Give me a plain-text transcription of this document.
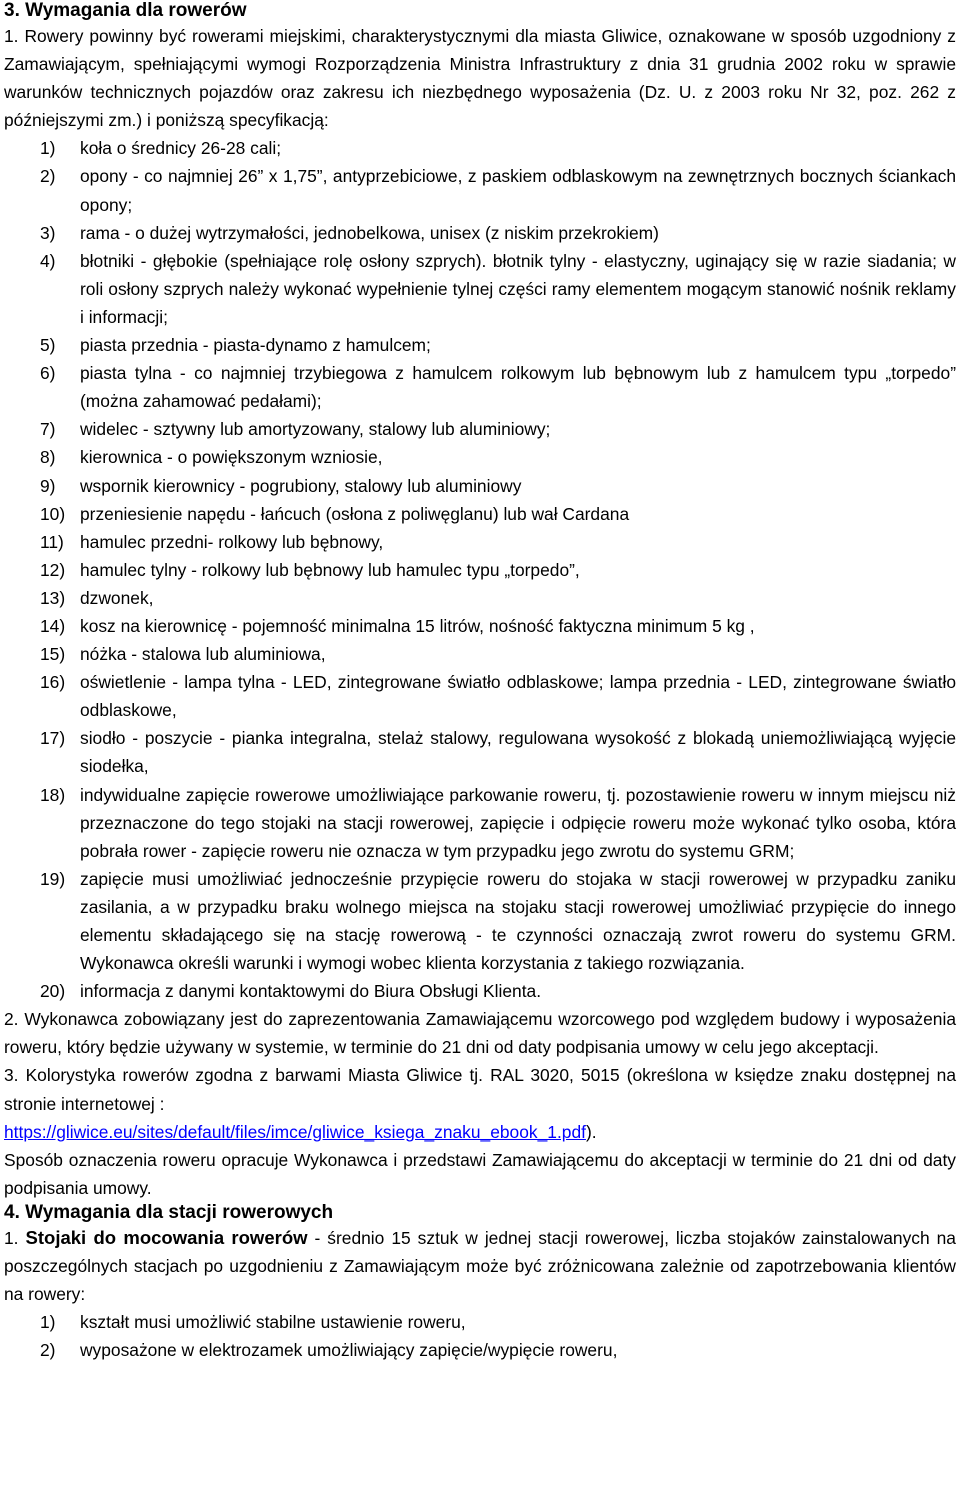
3. Wymagania dla rowerów

1. Rowery powinny być rowerami miejskimi, charakterystycznymi dla miasta Gliwice, oznakowane w sposób uzgodniony z Zamawiającym, spełniającymi wymogi Rozporządzenia Ministra Infrastruktury z dnia 31 grudnia 2002 roku w sprawie warunków technicznych pojazdów oraz zakresu ich niezbędnego wyposażenia (Dz. U. z 2003 roku Nr 32, poz. 262 z późniejszymi zm.) i poniższą specyfikacją:

1) koła o średnicy 26-28 cali;
2) opony - co najmniej 26” x 1,75”, antyprzebiciowe, z paskiem odblaskowym na zewnętrznych bocznych ściankach opony;
3) rama - o dużej wytrzymałości, jednobelkowa, unisex (z niskim przekrokiem)
4) błotniki - głębokie (spełniające rolę osłony szprych). błotnik tylny - elastyczny, uginający się w razie siadania; w roli osłony szprych należy wykonać wypełnienie tylnej części ramy elementem mogącym stanowić nośnik reklamy i informacji;
5) piasta przednia - piasta-dynamo z hamulcem;
6) piasta tylna - co najmniej trzybiegowa z hamulcem rolkowym lub bębnowym lub z hamulcem typu „torpedo” (można zahamować pedałami);
7) widelec - sztywny lub amortyzowany, stalowy lub aluminiowy;
8) kierownica - o powiększonym wzniosie,
9) wspornik kierownicy - pogrubiony, stalowy lub aluminiowy
10) przeniesienie napędu - łańcuch (osłona z poliwęglanu) lub wał Cardana
11) hamulec przedni- rolkowy lub bębnowy,
12) hamulec tylny - rolkowy lub bębnowy lub hamulec typu „torpedo”,
13) dzwonek,
14) kosz na kierownicę - pojemność minimalna 15 litrów, nośność faktyczna minimum 5 kg ,
15) nóżka - stalowa lub aluminiowa,
16) oświetlenie - lampa tylna - LED, zintegrowane światło odblaskowe; lampa przednia - LED, zintegrowane światło odblaskowe,
17) siodło - poszycie - pianka integralna, stelaż stalowy, regulowana wysokość z blokadą uniemożliwiającą wyjęcie siodełka,
18) indywidualne zapięcie rowerowe umożliwiające parkowanie roweru, tj. pozostawienie roweru w innym miejscu niż przeznaczone do tego stojaki na stacji rowerowej, zapięcie i odpięcie roweru może wykonać tylko osoba, która pobrała rower - zapięcie roweru nie oznacza w tym przypadku jego zwrotu do systemu GRM;
19) zapięcie musi umożliwiać jednocześnie przypięcie roweru do stojaka w stacji rowerowej w przypadku zaniku zasilania, a w przypadku braku wolnego miejsca na stojaku stacji rowerowej umożliwiać przypięcie do innego elementu składającego się na stację rowerową - te czynności oznaczają zwrot roweru do systemu GRM. Wykonawca określi warunki i wymogi wobec klienta korzystania z takiego rozwiązania.
20) informacja z danymi kontaktowymi do Biura Obsługi Klienta.

2. Wykonawca zobowiązany jest do zaprezentowania Zamawiającemu wzorcowego pod względem budowy i wyposażenia roweru, który będzie używany w systemie, w terminie do 21 dni od daty podpisania umowy w celu jego akceptacji.

3. Kolorystyka rowerów zgodna z barwami Miasta Gliwice tj. RAL 3020, 5015 (określona w księdze znaku dostępnej na stronie internetowej :
https://gliwice.eu/sites/default/files/imce/gliwice_ksiega_znaku_ebook_1.pdf).

Sposób oznaczenia roweru opracuje Wykonawca i przedstawi Zamawiającemu do akceptacji w terminie do 21 dni od daty podpisania umowy.

4. Wymagania dla stacji rowerowych

1. Stojaki do mocowania rowerów - średnio 15 sztuk w jednej stacji rowerowej, liczba stojaków zainstalowanych na poszczególnych stacjach po uzgodnieniu z Zamawiającym może być zróżnicowana zależnie od zapotrzebowania klientów na rowery:

1) kształt musi umożliwić stabilne ustawienie roweru,
2) wyposażone w elektrozamek umożliwiający zapięcie/wypięcie roweru,
